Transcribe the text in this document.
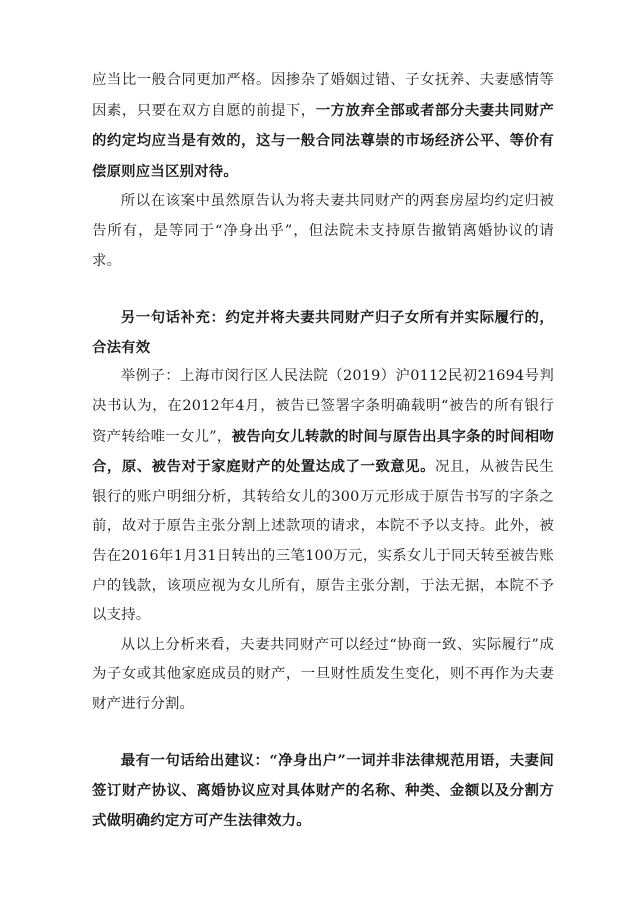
应当比一般合同更加严格。因掺杂了婚姻过错、子女抚养、夫妻感情等因素，只要在双方自愿的前提下，一方放弃全部或者部分夫妻共同财产的约定均应当是有效的，这与一般合同法尊崇的市场经济公平、等价有偿原则应当区别对待。

所以在该案中虽然原告认为将夫妻共同财产的两套房屋均约定归被告所有，是等同于“净身出乎”，但法院未支持原告撤销离婚协议的请求。

另一句话补充：约定并将夫妻共同财产归子女所有并实际履行的，合法有效

举例子：上海市闵行区人民法院（2019）沪0112民初21694号判决书认为，在2012年4月，被告已签署字条明确载明“被告的所有银行资产转给唯一女儿”，被告向女儿转款的时间与原告出具字条的时间相吻合，原、被告对于家庭财产的处置达成了一致意见。况且，从被告民生银行的账户明细分析，其转给女儿的300万元形成于原告书写的字条之前，故对于原告主张分割上述款项的请求，本院不予以支持。此外，被告在2016年1月31日转出的三笔100万元，实系女儿于同天转至被告账户的钱款，该项应视为女儿所有，原告主张分割，于法无据，本院不予以支持。

从以上分析来看，夫妻共同财产可以经过“协商一致、实际履行”成为子女或其他家庭成员的财产，一旦财性质发生变化，则不再作为夫妻财产进行分割。

最有一句话给出建议：“净身出户”一词并非法律规范用语，夫妻间签订财产协议、离婚协议应对具体财产的名称、种类、金额以及分割方式做明确约定方可产生法律效力。
